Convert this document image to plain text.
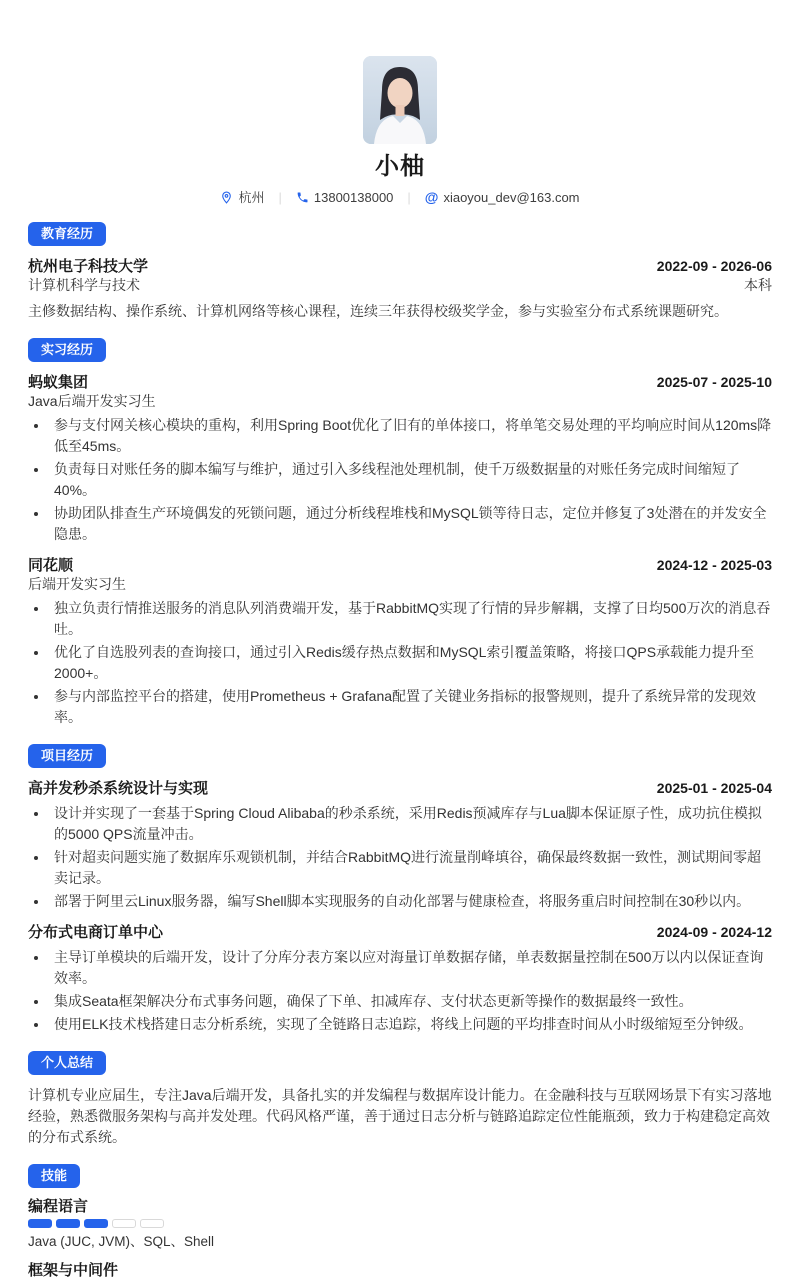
小柚
杭州 | 13800138000 | @ xiaoyou_dev@163.com
教育经历
杭州电子科技大学	2022-09 - 2026-06
计算机科学与技术	本科
主修数据结构、操作系统、计算机网络等核心课程，连续三年获得校级奖学金，参与实验室分布式系统课题研究。
实习经历
蚂蚁集团	2025-07 - 2025-10
Java后端开发实习生
• 参与支付网关核心模块的重构，利用Spring Boot优化了旧有的单体接口，将单笔交易处理的平均响应时间从120ms降低至45ms。
• 负责每日对账任务的脚本编写与维护，通过引入多线程池处理机制，使千万级数据量的对账任务完成时间缩短了40%。
• 协助团队排查生产环境偶发的死锁问题，通过分析线程堆栈和MySQL锁等待日志，定位并修复了3处潜在的并发安全隐患。
同花顺	2024-12 - 2025-03
后端开发实习生
• 独立负责行情推送服务的消息队列消费端开发，基于RabbitMQ实现了行情的异步解耦，支撑了日均500万次的消息吞吐。
• 优化了自选股列表的查询接口，通过引入Redis缓存热点数据和MySQL索引覆盖策略，将接口QPS承载能力提升至2000+。
• 参与内部监控平台的搭建，使用Prometheus + Grafana配置了关键业务指标的报警规则，提升了系统异常的发现效率。
项目经历
高并发秒杀系统设计与实现	2025-01 - 2025-04
• 设计并实现了一套基于Spring Cloud Alibaba的秒杀系统，采用Redis预减库存与Lua脚本保证原子性，成功抗住模拟的5000 QPS流量冲击。
• 针对超卖问题实施了数据库乐观锁机制，并结合RabbitMQ进行流量削峰填谷，确保最终数据一致性，测试期间零超卖记录。
• 部署于阿里云Linux服务器，编写Shell脚本实现服务的自动化部署与健康检查，将服务重启时间控制在30秒以内。
分布式电商订单中心	2024-09 - 2024-12
• 主导订单模块的后端开发，设计了分库分表方案以应对海量订单数据存储，单表数据量控制在500万以内以保证查询效率。
• 集成Seata框架解决分布式事务问题，确保了下单、扣减库存、支付状态更新等操作的数据最终一致性。
• 使用ELK技术栈搭建日志分析系统，实现了全链路日志追踪，将线上问题的平均排查时间从小时级缩短至分钟级。
个人总结
计算机专业应届生，专注Java后端开发，具备扎实的并发编程与数据库设计能力。在金融科技与互联网场景下有实习落地经验，熟悉微服务架构与高并发处理。代码风格严谨，善于通过日志分析与链路追踪定位性能瓶颈，致力于构建稳定高效的分布式系统。
技能
编程语言
Java (JUC, JVM)、SQL、Shell
框架与中间件
